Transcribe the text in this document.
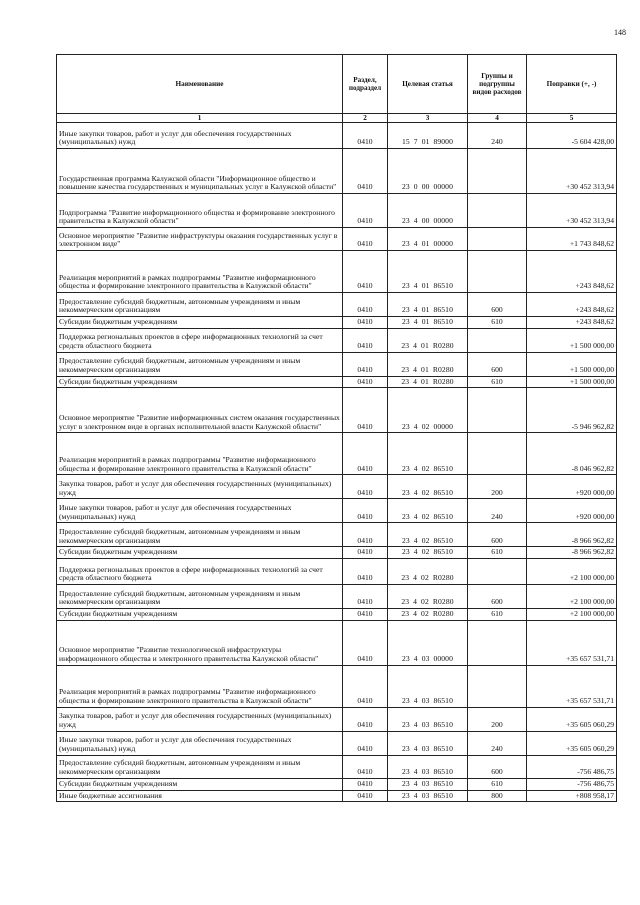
148
Наименование	Раздел, подраздел	Целевая статья	Группы и подгруппы видов расходов	Поправки (+, -)
1	2	3	4	5
Иные закупки товаров, работ и услуг для обеспечения государственных (муниципальных) нужд	0410	15 7 01 89000	240	-5 604 428,00
Государственная программа Калужской области "Информационное общество и повышение качества государственных и муниципальных услуг в Калужской области"	0410	23 0 00 00000		+30 452 313,94
Подпрограмма "Развитие информационного общества и формирование электронного правительства в Калужской области"	0410	23 4 00 00000		+30 452 313,94
Основное мероприятие "Развитие инфраструктуры оказания государственных услуг в электронном виде"	0410	23 4 01 00000		+1 743 848,62
Реализация мероприятий в рамках подпрограммы "Развитие информационного общества и формирование электронного правительства в Калужской области"	0410	23 4 01 86510		+243 848,62
Предоставление субсидий бюджетным, автономным учреждениям и иным некоммерческим организациям	0410	23 4 01 86510	600	+243 848,62
Субсидии бюджетным учреждениям	0410	23 4 01 86510	610	+243 848,62
Поддержка региональных проектов в сфере информационных технологий за счет средств областного бюджета	0410	23 4 01 R0280		+1 500 000,00
Предоставление субсидий бюджетным, автономным учреждениям и иным некоммерческим организациям	0410	23 4 01 R0280	600	+1 500 000,00
Субсидии бюджетным учреждениям	0410	23 4 01 R0280	610	+1 500 000,00
Основное мероприятие "Развитие информационных систем оказания государственных услуг в электронном виде в органах исполнительной власти Калужской области"	0410	23 4 02 00000		-5 946 962,82
Реализация мероприятий в рамках подпрограммы "Развитие информационного общества и формирование электронного правительства в Калужской области"	0410	23 4 02 86510		-8 046 962,82
Закупка товаров, работ и услуг для обеспечения государственных (муниципальных) нужд	0410	23 4 02 86510	200	+920 000,00
Иные закупки товаров, работ и услуг для обеспечения государственных (муниципальных) нужд	0410	23 4 02 86510	240	+920 000,00
Предоставление субсидий бюджетным, автономным учреждениям и иным некоммерческим организациям	0410	23 4 02 86510	600	-8 966 962,82
Субсидии бюджетным учреждениям	0410	23 4 02 86510	610	-8 966 962,82
Поддержка региональных проектов в сфере информационных технологий за счет средств областного бюджета	0410	23 4 02 R0280		+2 100 000,00
Предоставление субсидий бюджетным, автономным учреждениям и иным некоммерческим организациям	0410	23 4 02 R0280	600	+2 100 000,00
Субсидии бюджетным учреждениям	0410	23 4 02 R0280	610	+2 100 000,00
Основное мероприятие "Развитие технологической инфраструктуры информационного общества и электронного правительства Калужской области"	0410	23 4 03 00000		+35 657 531,71
Реализация мероприятий в рамках подпрограммы "Развитие информационного общества и формирование электронного правительства в Калужской области"	0410	23 4 03 86510		+35 657 531,71
Закупка товаров, работ и услуг для обеспечения государственных (муниципальных) нужд	0410	23 4 03 86510	200	+35 605 060,29
Иные закупки товаров, работ и услуг для обеспечения государственных (муниципальных) нужд	0410	23 4 03 86510	240	+35 605 060,29
Предоставление субсидий бюджетным, автономным учреждениям и иным некоммерческим организациям	0410	23 4 03 86510	600	-756 486,75
Субсидии бюджетным учреждениям	0410	23 4 03 86510	610	-756 486,75
Иные бюджетные ассигнования	0410	23 4 03 86510	800	+808 958,17
